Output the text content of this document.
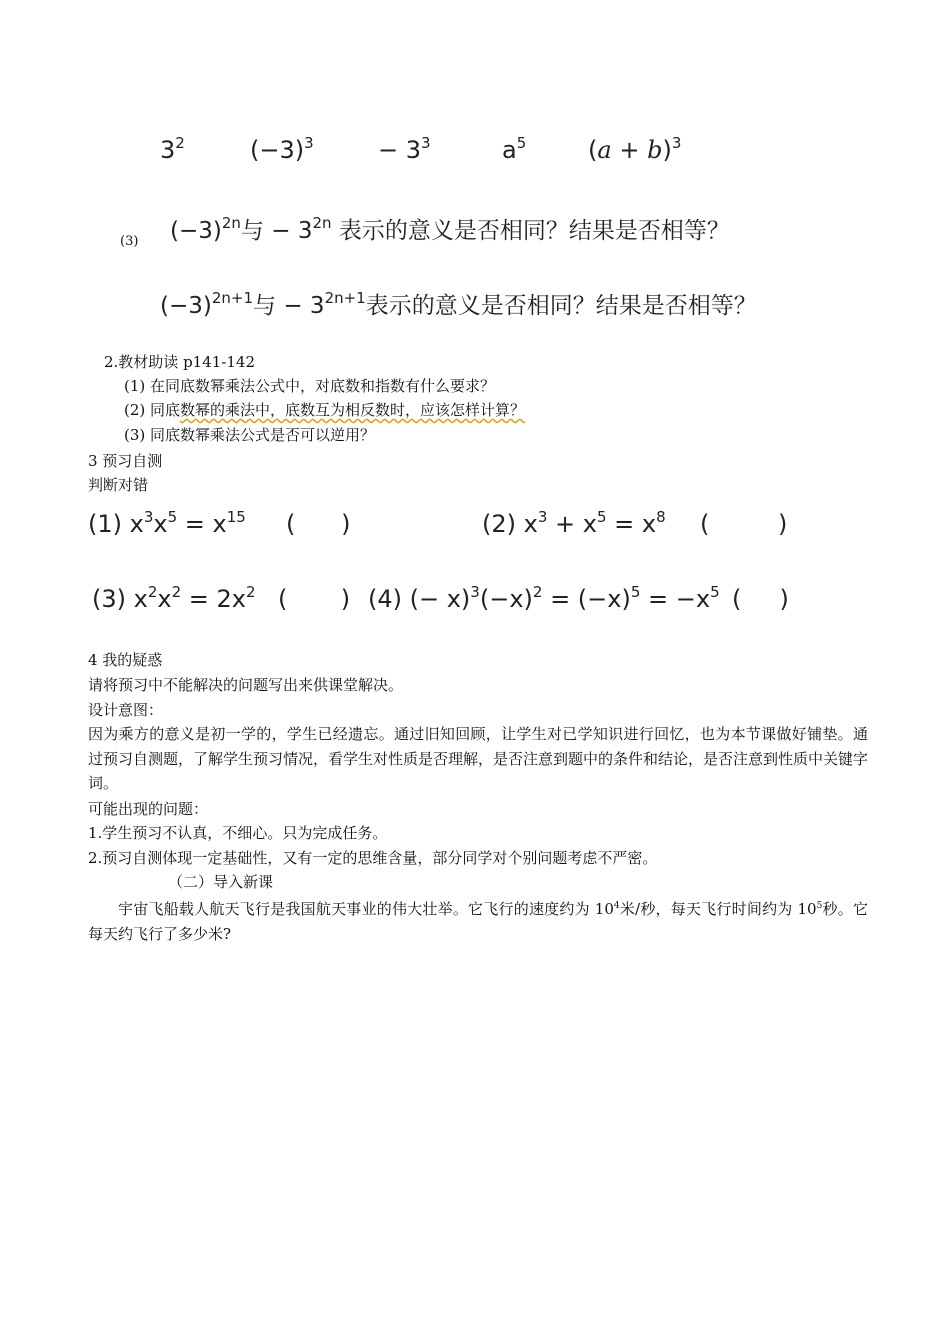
$3^2$	$(-3)^3$	− $3^3$	$a^5$	$(a + b)^3$
(3) $(-3)^{2n}$与 − $3^{2n}$ 表示的意义是否相同？结果是否相等？
$(-3)^{2n+1}$与 − $3^{2n+1}$表示的意义是否相同？结果是否相等？
2.教材助读 p141-142
(1) 在同底数幂乘法公式中，对底数和指数有什么要求？
(2) 同底数幂的乘法中，底数互为相反数时，应该怎样计算？
(3) 同底数幂乘法公式是否可以逆用？
3 预习自测
判断对错
(1) $x^3x^5 = x^{15}$ (      )	(2) $x^3 + x^5 = x^8$ (         )
(3) $x^2x^2 = 2x^2$ (       ) (4) (− $x)^3(-x)^2 = (-x)^5 = -x^5$ (     )
4 我的疑惑
请将预习中不能解决的问题写出来供课堂解决。
设计意图：
因为乘方的意义是初一学的，学生已经遗忘。通过旧知回顾，让学生对已学知识进行回忆，也为本节课做好铺垫。通过预习自测题，了解学生预习情况，看学生对性质是否理解，是否注意到题中的条件和结论，是否注意到性质中关键字词。
可能出现的问题：
1.学生预习不认真，不细心。只为完成任务。
2.预习自测体现一定基础性，又有一定的思维含量，部分同学对个别问题考虑不严密。
（二）导入新课
宇宙飞船载人航天飞行是我国航天事业的伟大壮举。它飞行的速度约为 $10^4$米/秒，每天飞行时间约为 $10^5$秒。它每天约飞行了多少米?
